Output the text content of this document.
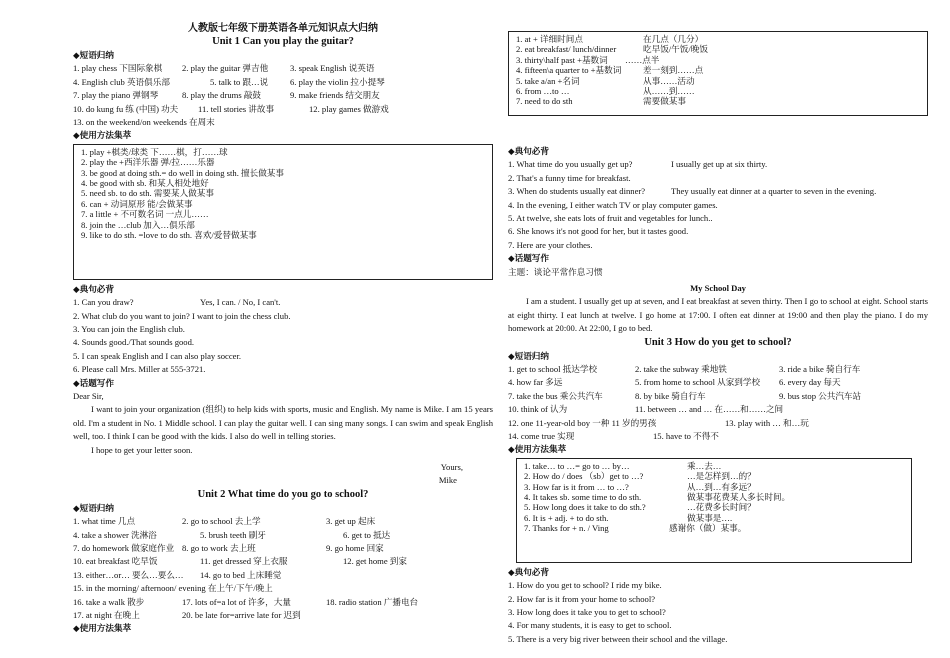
人教版七年级下册英语各单元知识点大归纳
Unit 1 Can you play the guitar?
◆短语归纳
1. play chess 下国际象棋 2. play the guitar 弹吉他	3. speak English 说英语
4. English club 英语俱乐部	5. talk to 跟…说	6. play the violin 拉小提琴
7. play the piano 弹钢琴	8. play the drums 敲鼓	9. make friends 结交朋友
10. do kung fu 练 (中国) 功夫 11. tell stories 讲故事	12. play games 做游戏
13. on the weekend/on weekends 在周末
◆使用方法集萃
1. play +棋类/球类 下……棋，打……球
2. play the +西洋乐器 弹/拉……乐器
3. be good at doing sth.= do well in doing sth. 擅长做某事
4. be good with sb. 和某人相处地好
5. need sb. to do sth. 需要某人做某事
6. can + 动词原形 能/会做某事
7. a little + 不可数名词 一点儿……
8. join the …club 加入…俱乐部
9. like to do sth. =love to do sth. 喜欢/爱替做某事
◆典句必背
1. Can you draw?	Yes, I can. / No, I can't.
2. What club do you want to join? I want to join the chess club.
3. You can join the English club.
4. Sounds good./That sounds good.
5. I can speak English and I can also play soccer.
6. Please call Mrs. Miller at 555-3721.
◆话题写作
Dear Sir,
I want to join your organization (组织) to help kids with sports, music and English. My name is Mike. I am 15 years old. I'm a student in No. 1 Middle school. I can play the guitar well. I can sing many songs. I can swim and speak English well, too. I think I can be good with the kids. I also do well in telling stories.
I hope to get your letter soon.
Yours,
Mike
Unit 2 What time do you go to school?
◆短语归纳
1. what time 几点	2. go to school 去上学	3. get up 起床
4. take a shower 洗淋浴	5. brush teeth 刷牙	6. get to 抵达
7. do homework 做家庭作业 8. go to work 去上班	9. go home 回家
10. eat breakfast 吃早饭	11. get dressed 穿上衣服	12. get home 到家
13. either…or… 要么…要么… 14. go to bed 上床睡觉
15. in the morning/ afternoon/ evening 在上午/下午/晚上
16. take a walk 散步	17. lots of=a lot of 许多，大量	18. radio station 广播电台
17. at night 在晚上	20. be late for=arrive late for 迟到
◆使用方法集萃
1. at + 详细时间点	在几点（几分）
2. eat breakfast/ lunch/dinner	吃早饭/午饭/晚饭
3. thirty\half past +基数词 ……点半
4. fifteen\a quarter to +基数词	差一刻到……点
5. take a/an +名词	从事……活动
6. from …to …	从……到……
7. need to do sth	需要做某事
◆典句必背
1. What time do you usually get up?	I usually get up at six thirty.
2. That's a funny time for breakfast.
3. When do students usually eat dinner?	They usually eat dinner at a quarter to seven in the evening.
4. In the evening, I either watch TV or play computer games.
5. At twelve, she eats lots of fruit and vegetables for lunch..
6. She knows it's not good for her, but it tastes good.
7. Here are your clothes.
◆话题写作
主题：谈论平常作息习惯
My School Day
I am a student. I usually get up at seven, and I eat breakfast at seven thirty. Then I go to school at eight. School starts at eight thirty. I eat lunch at twelve. I go home at 17:00. I often eat dinner at 19:00 and then play the piano. I do my homework at 20:00. At 22:00, I go to bed.
Unit 3 How do you get to school?
◆短语归纳
1. get to school 抵达学校	2. take the subway 乘地铁	3. ride a bike 骑自行车
4. how far 多远	5. from home to school 从家到学校 6. every day 每天
7. take the bus 乘公共汽车	8. by bike 骑自行车	9. bus stop 公共汽车站
10. think of 认为	11. between … and … 在……和……之间
12. one 11-year-old boy 一种 11 岁的男孩	13. play with … 和…玩
14. come true 实现	15. have to 不得不
◆使用方法集萃
1. take… to …= go to … by…	乘…去…
2. How do / does （sb）get to …?	…是怎样到…的？
3. How far is it from … to …?	从…到…有多远？
4. It takes sb. some time to do sth.	做某事花费某人多长时间。
5. How long does it take to do sth.?	…花费多长时间？
6. It is + adj. + to do sth.	做某事是….
7. Thanks for + n. / Ving	感谢你（做）某事。
◆典句必背
1. How do you get to school? I ride my bike.
2. How far is it from your home to school?
3. How long does it take you to get to school?
4. For many students, it is easy to get to school.
5. There is a very big river between their school and the village.
